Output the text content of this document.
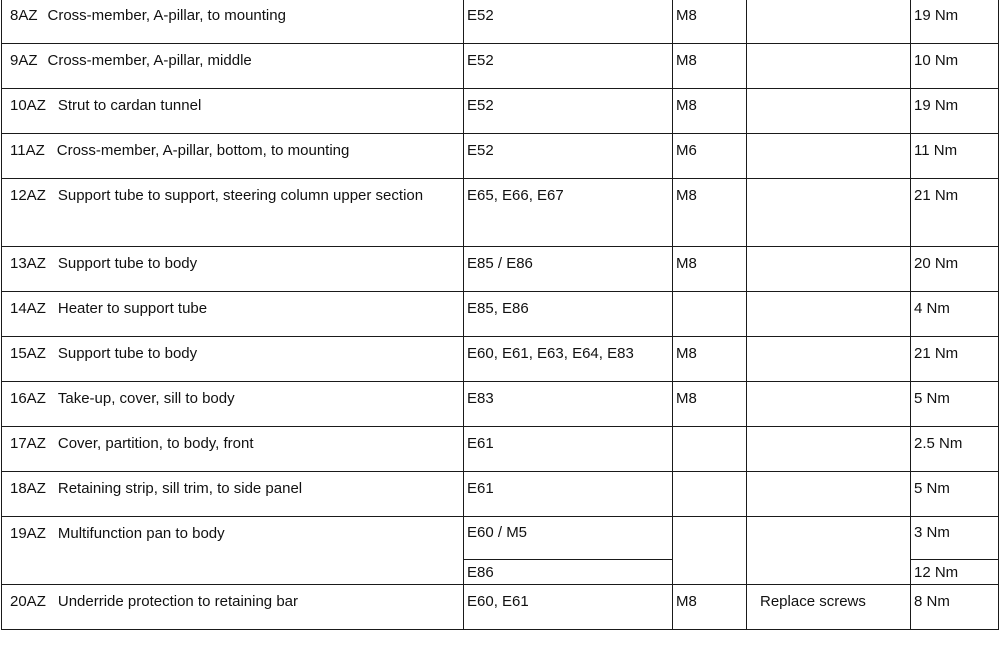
8AZ Cross-member, A-pillar, to mounting	E52	M8		19 Nm

9AZ Cross-member, A-pillar, middle	E52	M8		10 Nm

10AZ Strut to cardan tunnel	E52	M8		19 Nm

11AZ Cross-member, A-pillar, bottom, to mounting	E52	M6		11 Nm

12AZ Support tube to support, steering column upper section	E65, E66, E67	M8		21 Nm

13AZ Support tube to body	E85 / E86	M8		20 Nm

14AZ Heater to support tube	E85, E86			4 Nm

15AZ Support tube to body	E60, E61, E63, E64, E83	M8		21 Nm

16AZ Take-up, cover, sill to body	E83	M8		5 Nm

17AZ Cover, partition, to body, front	E61			2.5 Nm

18AZ Retaining strip, sill trim, to side panel	E61			5 Nm

19AZ Multifunction pan to body	E60 / M5			3 Nm

	E86			12 Nm

20AZ Underride protection to retaining bar	E60, E61	M8	Replace screws	8 Nm
